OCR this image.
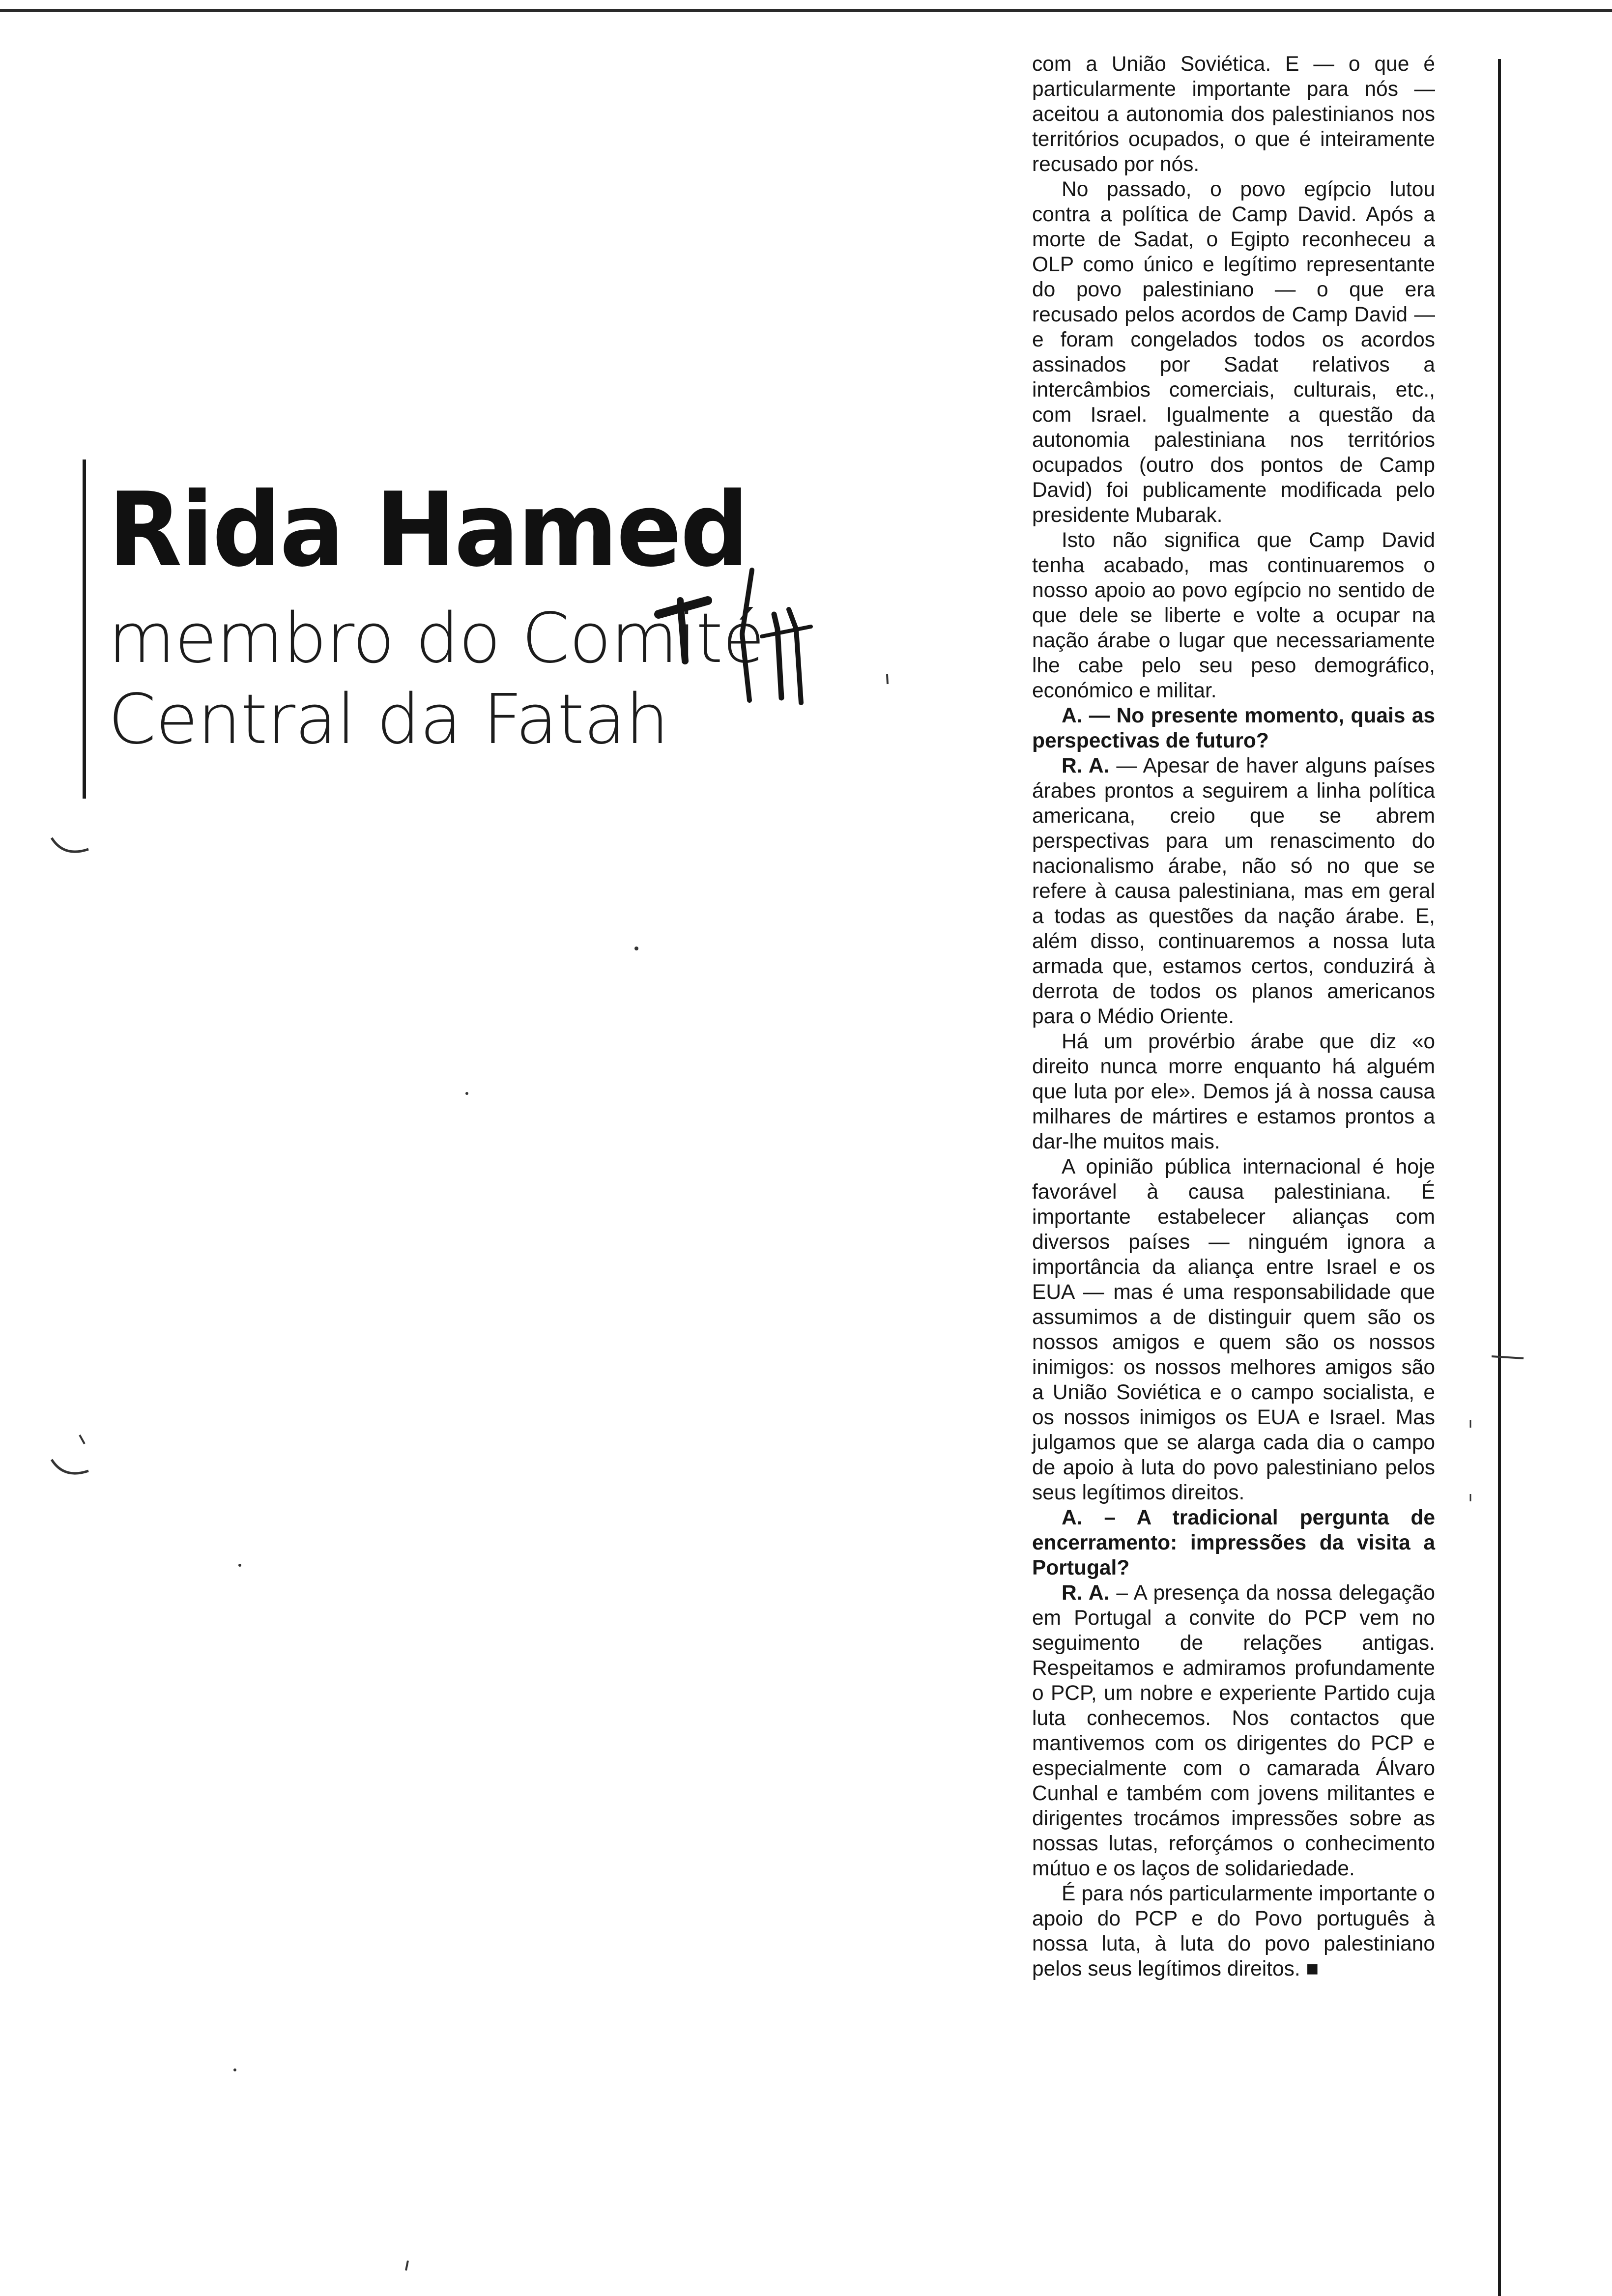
Rida Hamed

membro do Comité

Central da Fatah

com a União Soviética. E — o que é particularmente importante para nós — aceitou a autonomia dos palestinianos nos territórios ocupados, o que é inteiramente recusado por nós.

No passado, o povo egípcio lutou contra a política de Camp David. Após a morte de Sadat, o Egipto reconheceu a OLP como único e legítimo representante do povo palestiniano — o que era recusado pelos acordos de Camp David — e foram congelados todos os acordos assinados por Sadat relativos a intercâmbios comerciais, culturais, etc., com Israel. Igualmente a questão da autonomia palestiniana nos territórios ocupados (outro dos pontos de Camp David) foi publicamente modificada pelo presidente Mubarak.

Isto não significa que Camp David tenha acabado, mas continuaremos o nosso apoio ao povo egípcio no sentido de que dele se liberte e volte a ocupar na nação árabe o lugar que necessariamente lhe cabe pelo seu peso demográfico, económico e militar.

A. — No presente momento, quais as perspectivas de futuro?

R. A. — Apesar de haver alguns países árabes prontos a seguirem a linha política americana, creio que se abrem perspectivas para um renascimento do nacionalismo árabe, não só no que se refere à causa palestiniana, mas em geral a todas as questões da nação árabe. E, além disso, continuaremos a nossa luta armada que, estamos certos, conduzirá à derrota de todos os planos americanos para o Médio Oriente.

Há um provérbio árabe que diz «o direito nunca morre enquanto há alguém que luta por ele». Demos já à nossa causa milhares de mártires e estamos prontos a dar-lhe muitos mais.

A opinião pública internacional é hoje favorável à causa palestiniana. É importante estabelecer alianças com diversos países — ninguém ignora a importância da aliança entre Israel e os EUA — mas é uma responsabilidade que assumimos a de distinguir quem são os nossos amigos e quem são os nossos inimigos: os nossos melhores amigos são a União Soviética e o campo socialista, e os nossos inimigos os EUA e Israel. Mas julgamos que se alarga cada dia o campo de apoio à luta do povo palestiniano pelos seus legítimos direitos.

A. – A tradicional pergunta de encerramento: impressões da visita a Portugal?

R. A. – A presença da nossa delegação em Portugal a convite do PCP vem no seguimento de relações antigas. Respeitamos e admiramos profundamente o PCP, um nobre e experiente Partido cuja luta conhecemos. Nos contactos que mantivemos com os dirigentes do PCP e especialmente com o camarada Álvaro Cunhal e também com jovens militantes e dirigentes trocámos impressões sobre as nossas lutas, reforçámos o conhecimento mútuo e os laços de solidariedade.

É para nós particularmente importante o apoio do PCP e do Povo português à nossa luta, à luta do povo palestiniano pelos seus legítimos direitos. ■
